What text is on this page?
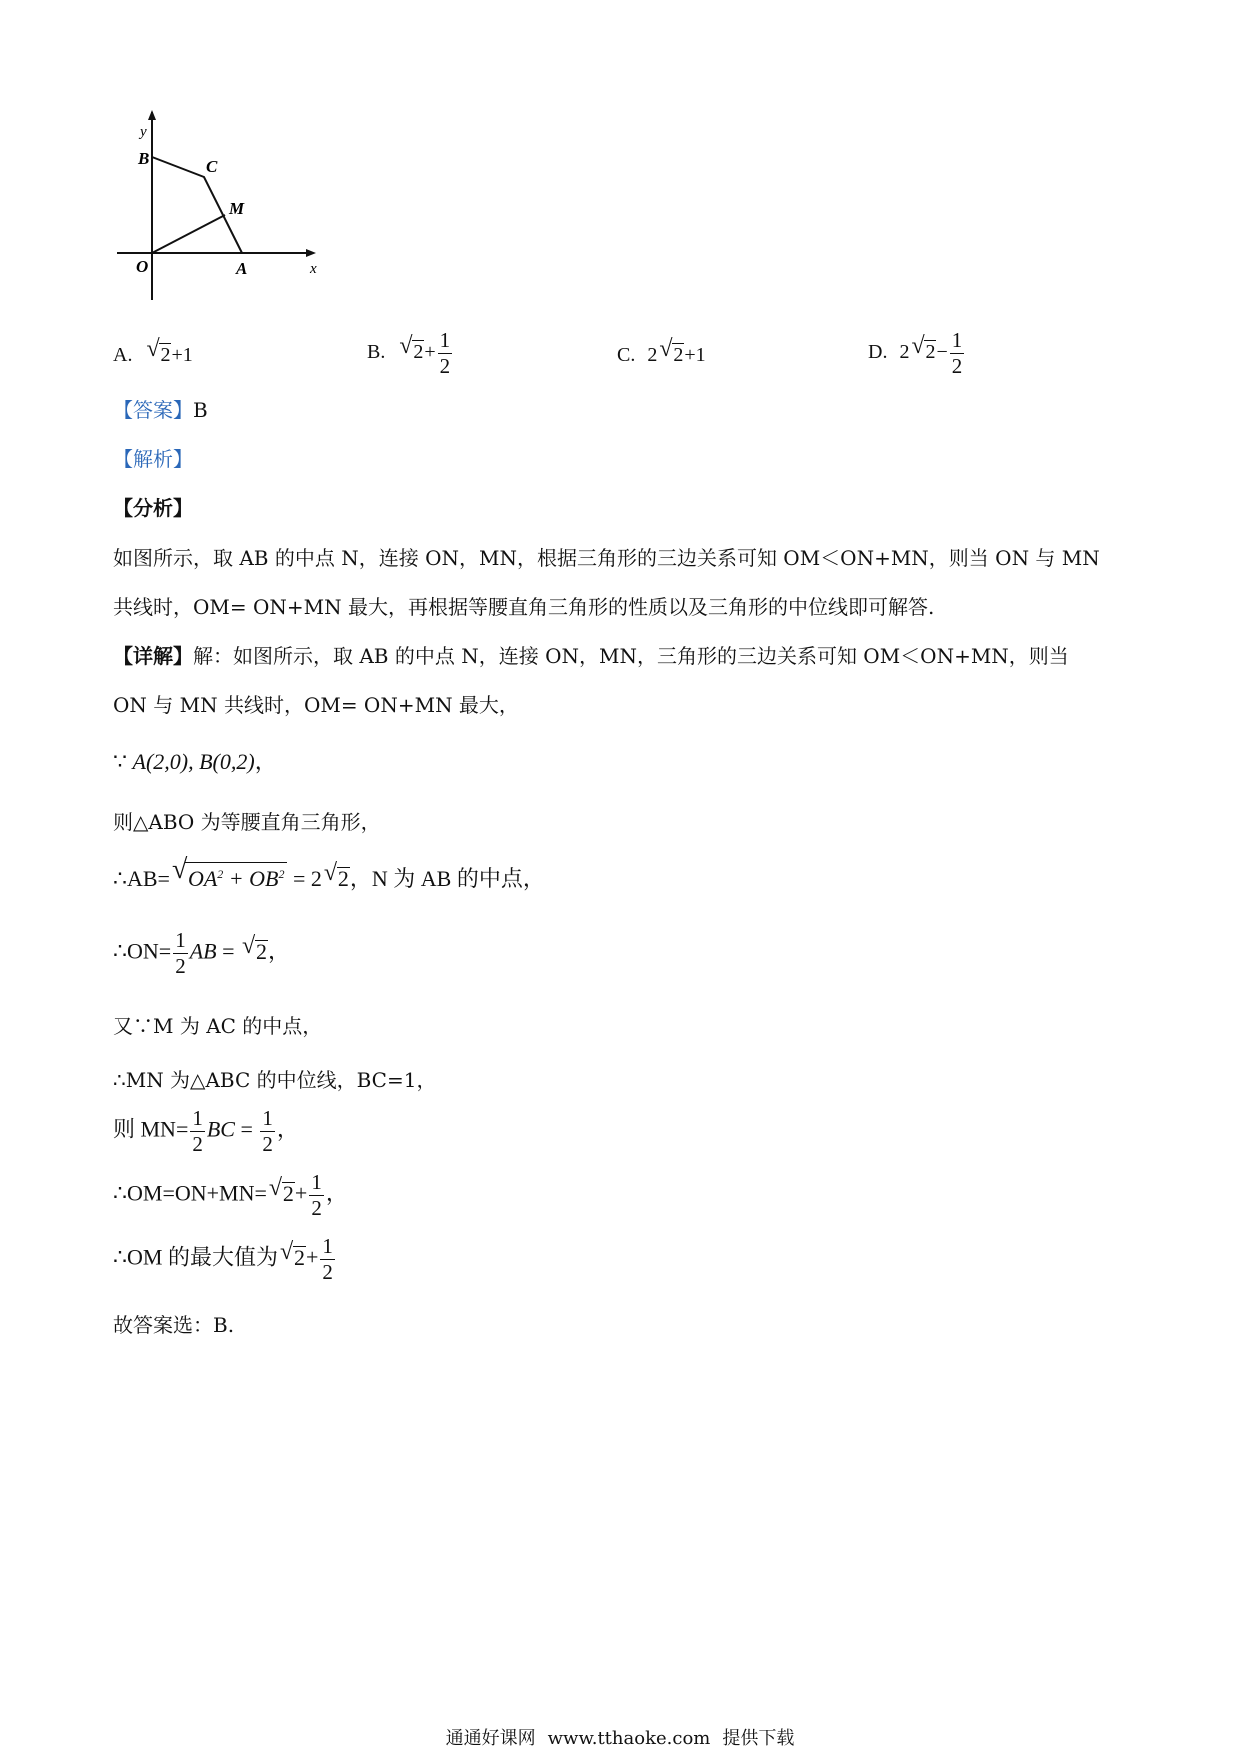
y
B	C
M
O	A	x
A. √ 2+1	B. √ $2+ \frac{1}{2}$	C. 2 √ 2+1	D. 2 √ $2- \frac{1}{2}$
【答案】B
【解析】
【分析】
如图所示，取 AB 的中点 N，连接 ON，MN，根据三角形的三边关系可知 OM＜ON+MN，则当 ON 与 MN
共线时，OM= ON+MN 最大，再根据等腰直角三角形的性质以及三角形的中位线即可解答.
【详解】解：如图所示，取 AB 的中点 N，连接 ON，MN，三角形的三边关系可知 OM＜ON+MN，则当
ON 与 MN 共线时，OM= ON+MN 最大，
∵ A(2,0), B(0,2)，
则△ABO 为等腰直角三角形，
∴AB= √ $OA^2 + OB^2 = 2$ √ 2，N 为 AB 的中点，
∴ON= $\frac{1}{2}$ AB = √ 2，
又∵M 为 AC 的中点，
∴MN 为△ABC 的中位线，BC=1，
则 $MN= \frac{1}{2}$ BC = $\frac{1}{2}$ ，
∴OM=ON+MN= √ $2+ \frac{1}{2}$ ，
∴OM 的最大值为 √ $2+ \frac{1}{2}$
故答案选：B.
通通好课网 www.tthaoke.com 提供下载
